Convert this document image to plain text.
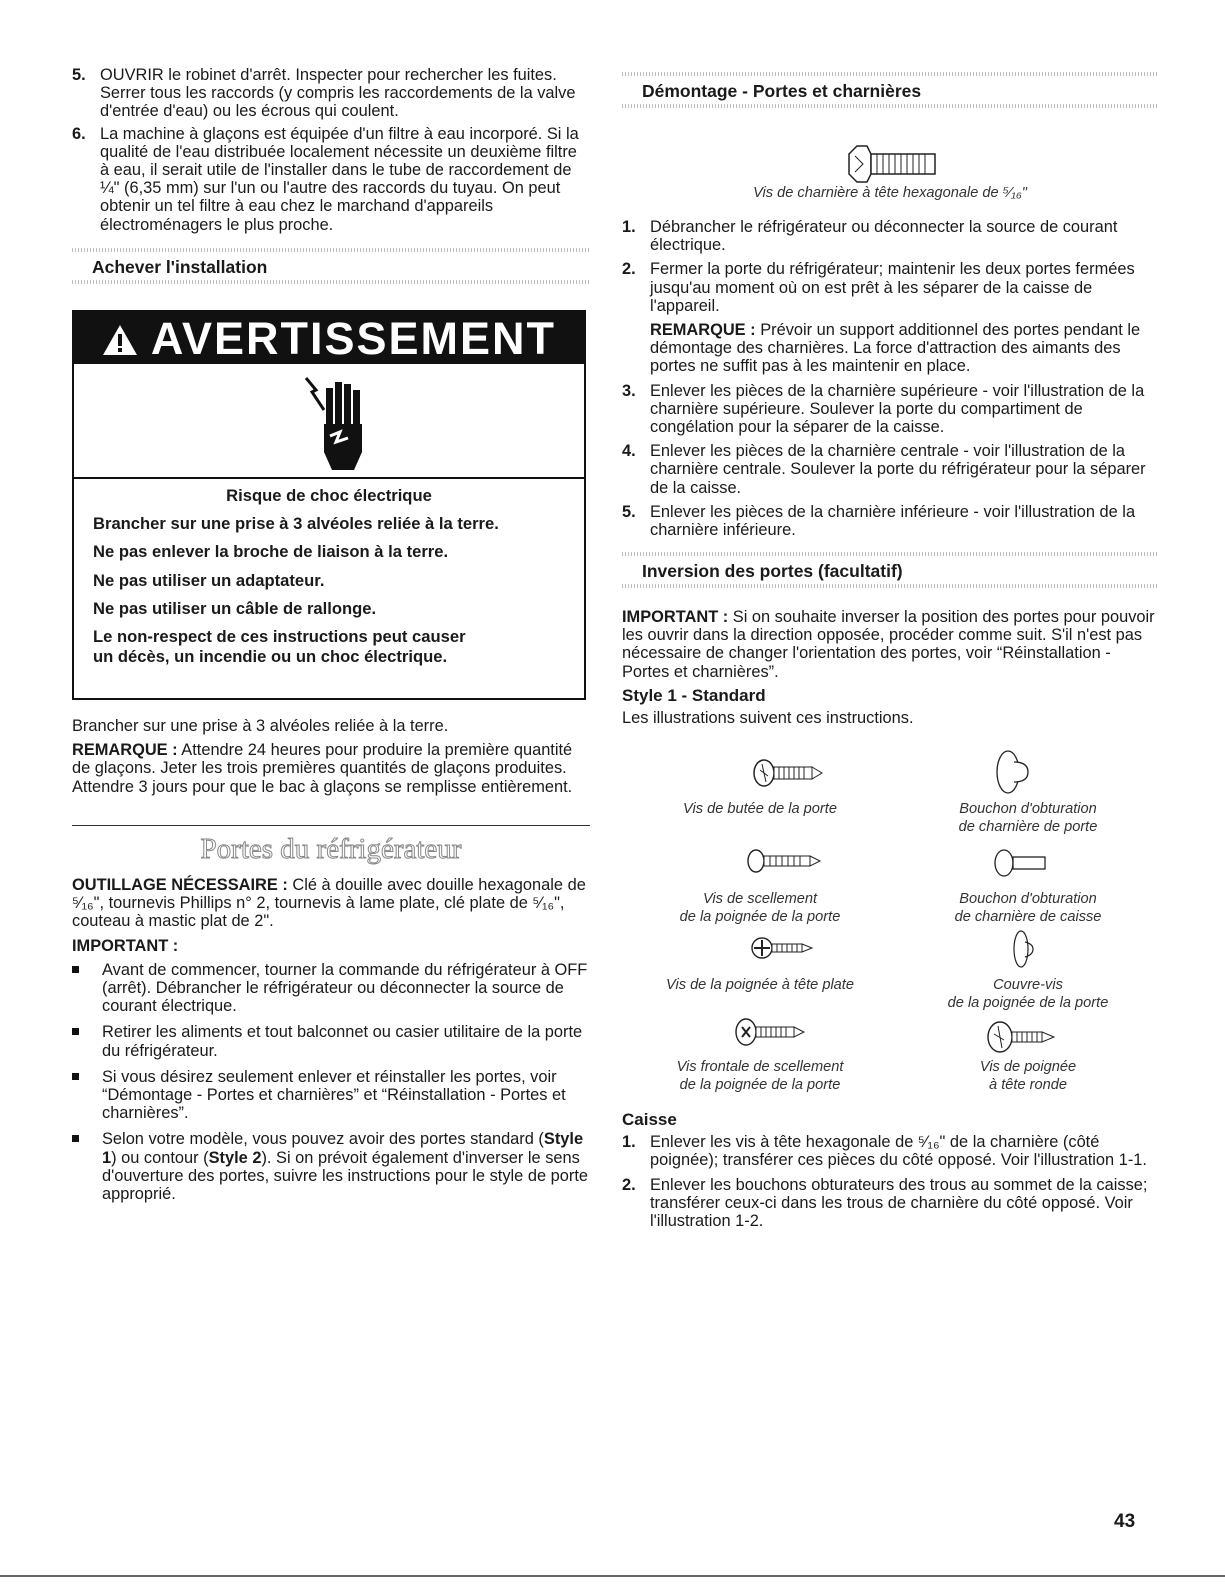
5. OUVRIR le robinet d'arrêt. Inspecter pour rechercher les fuites. Serrer tous les raccords (y compris les raccordements de la valve d'entrée d'eau) ou les écrous qui coulent.
6. La machine à glaçons est équipée d'un filtre à eau incorporé. Si la qualité de l'eau distribuée localement nécessite un deuxième filtre à eau, il serait utile de l'installer dans le tube de raccordement de ¼" (6,35 mm) sur l'un ou l'autre des raccords du tuyau. On peut obtenir un tel filtre à eau chez le marchand d'appareils électroménagers le plus proche.
Achever l'installation
AVERTISSEMENT
Risque de choc électrique
Brancher sur une prise à 3 alvéoles reliée à la terre.
Ne pas enlever la broche de liaison à la terre.
Ne pas utiliser un adaptateur.
Ne pas utiliser un câble de rallonge.
Le non-respect de ces instructions peut causer
un décès, un incendie ou un choc électrique.
Brancher sur une prise à 3 alvéoles reliée à la terre.
REMARQUE : Attendre 24 heures pour produire la première quantité de glaçons. Jeter les trois premières quantités de glaçons produites. Attendre 3 jours pour que le bac à glaçons se remplisse entièrement.
Portes du réfrigérateur
OUTILLAGE NÉCESSAIRE : Clé à douille avec douille hexagonale de ⁵⁄₁₆", tournevis Phillips n° 2, tournevis à lame plate, clé plate de ⁵⁄₁₆", couteau à mastic plat de 2".
IMPORTANT :
Avant de commencer, tourner la commande du réfrigérateur à OFF (arrêt). Débrancher le réfrigérateur ou déconnecter la source de courant électrique.
Retirer les aliments et tout balconnet ou casier utilitaire de la porte du réfrigérateur.
Si vous désirez seulement enlever et réinstaller les portes, voir “Démontage - Portes et charnières” et “Réinstallation - Portes et charnières”.
Selon votre modèle, vous pouvez avoir des portes standard (Style 1) ou contour (Style 2). Si on prévoit également d'inverser le sens d'ouverture des portes, suivre les instructions pour le style de porte approprié.
Démontage - Portes et charnières
Vis de charnière à tête hexagonale de ⁵⁄₁₆"
1. Débrancher le réfrigérateur ou déconnecter la source de courant électrique.
2. Fermer la porte du réfrigérateur; maintenir les deux portes fermées jusqu'au moment où on est prêt à les séparer de la caisse de l'appareil.
REMARQUE : Prévoir un support additionnel des portes pendant le démontage des charnières. La force d'attraction des aimants des portes ne suffit pas à les maintenir en place.
3. Enlever les pièces de la charnière supérieure - voir l'illustration de la charnière supérieure. Soulever la porte du compartiment de congélation pour la séparer de la caisse.
4. Enlever les pièces de la charnière centrale - voir l'illustration de la charnière centrale. Soulever la porte du réfrigérateur pour la séparer de la caisse.
5. Enlever les pièces de la charnière inférieure - voir l'illustration de la charnière inférieure.
Inversion des portes (facultatif)
IMPORTANT : Si on souhaite inverser la position des portes pour pouvoir les ouvrir dans la direction opposée, procéder comme suit. S'il n'est pas nécessaire de changer l'orientation des portes, voir “Réinstallation - Portes et charnières”.
Style 1 - Standard
Les illustrations suivent ces instructions.
Vis de butée de la porte	Bouchon d'obturation
de charnière de porte
Vis de scellement
de la poignée de la porte
Bouchon d'obturation
de charnière de caisse
Vis de la poignée à tête plate	Couvre-vis
de la poignée de la porte
Vis frontale de scellement
de la poignée de la porte
Vis de poignée
à tête ronde
Caisse
1. Enlever les vis à tête hexagonale de ⁵⁄₁₆" de la charnière (côté poignée); transférer ces pièces du côté opposé. Voir l'illustration 1-1.
2. Enlever les bouchons obturateurs des trous au sommet de la caisse; transférer ceux-ci dans les trous de charnière du côté opposé. Voir l'illustration 1-2.
43
